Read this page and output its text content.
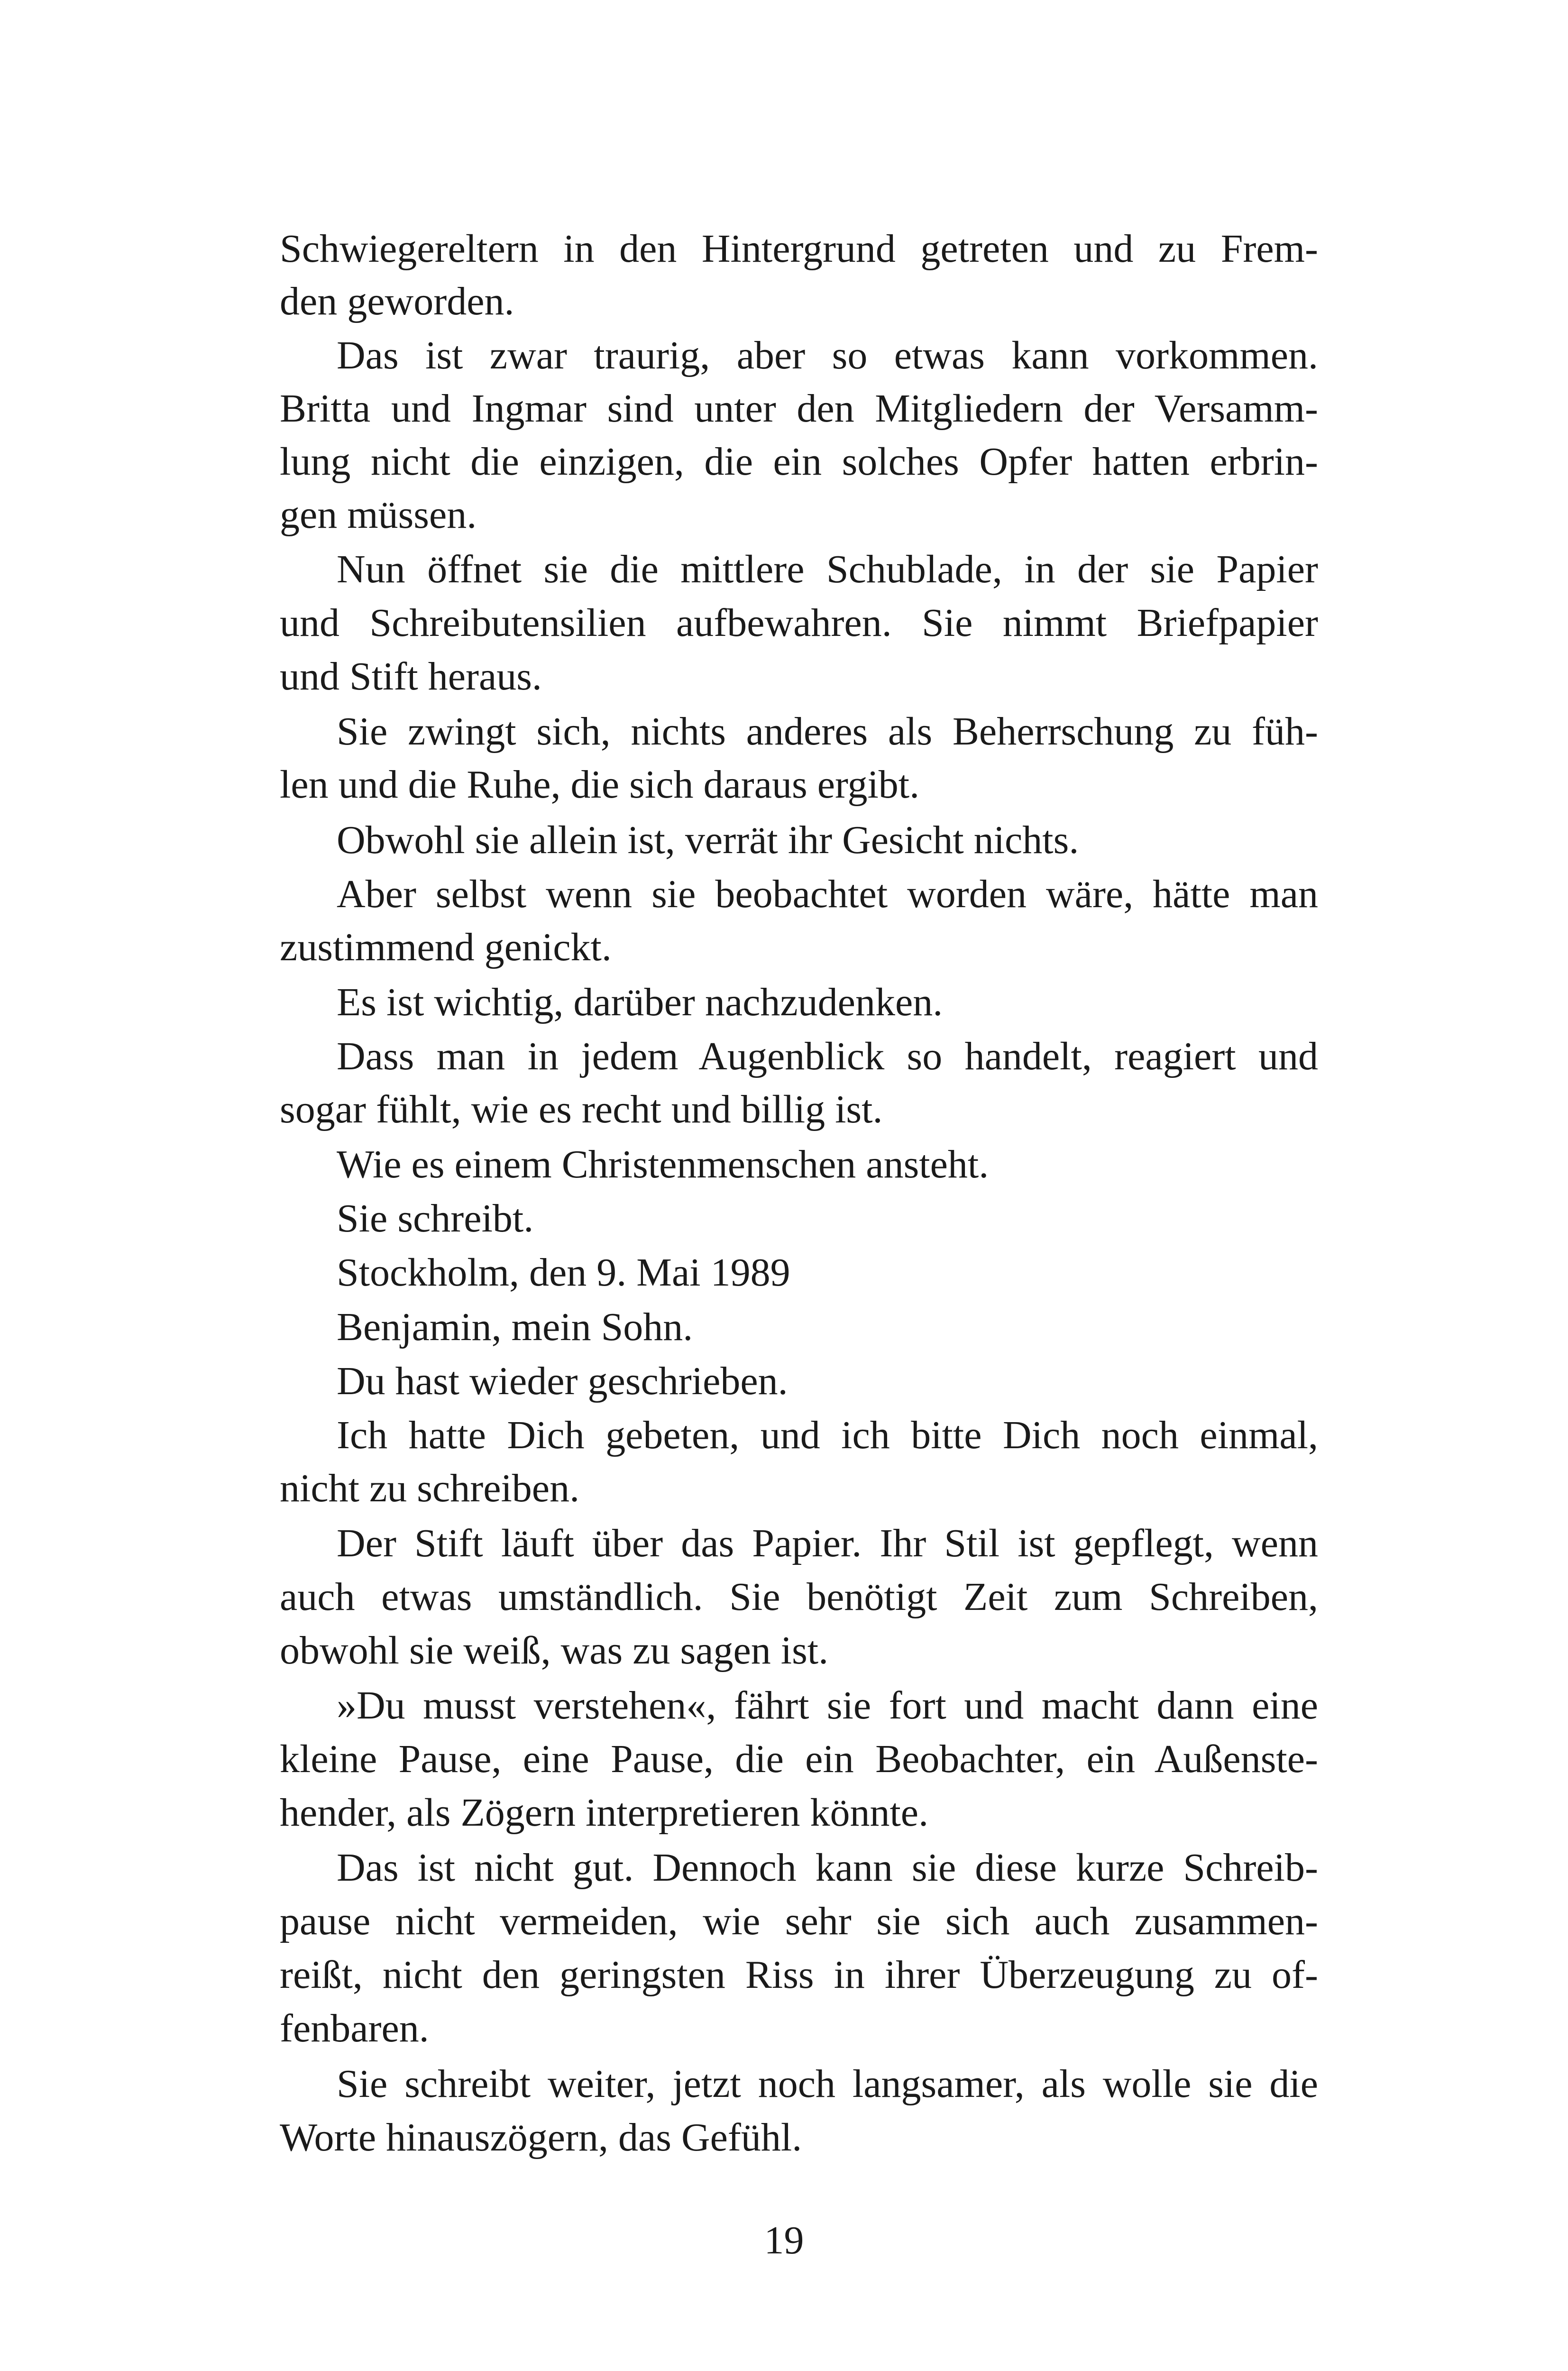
Schwiegereltern in den Hintergrund getreten und zu Frem-
den geworden.
Das ist zwar traurig, aber so etwas kann vorkommen.
Britta und Ingmar sind unter den Mitgliedern der Versamm-
lung nicht die einzigen, die ein solches Opfer hatten erbrin-
gen müssen.
Nun öffnet sie die mittlere Schublade, in der sie Papier
und Schreibutensilien aufbewahren. Sie nimmt Briefpapier
und Stift heraus.
Sie zwingt sich, nichts anderes als Beherrschung zu füh-
len und die Ruhe, die sich daraus ergibt.
Obwohl sie allein ist, verrät ihr Gesicht nichts.
Aber selbst wenn sie beobachtet worden wäre, hätte man
zustimmend genickt.
Es ist wichtig, darüber nachzudenken.
Dass man in jedem Augenblick so handelt, reagiert und
sogar fühlt, wie es recht und billig ist.
Wie es einem Christenmenschen ansteht.
Sie schreibt.
Stockholm, den 9. Mai 1989
Benjamin, mein Sohn.
Du hast wieder geschrieben.
Ich hatte Dich gebeten, und ich bitte Dich noch einmal,
nicht zu schreiben.
Der Stift läuft über das Papier. Ihr Stil ist gepflegt, wenn
auch etwas umständlich. Sie benötigt Zeit zum Schreiben,
obwohl sie weiß, was zu sagen ist.
»Du musst verstehen«, fährt sie fort und macht dann eine
kleine Pause, eine Pause, die ein Beobachter, ein Außenste-
hender, als Zögern interpretieren könnte.
Das ist nicht gut. Dennoch kann sie diese kurze Schreib-
pause nicht vermeiden, wie sehr sie sich auch zusammen-
reißt, nicht den geringsten Riss in ihrer Überzeugung zu of-
fenbaren.
Sie schreibt weiter, jetzt noch langsamer, als wolle sie die
Worte hinauszögern, das Gefühl.
19
